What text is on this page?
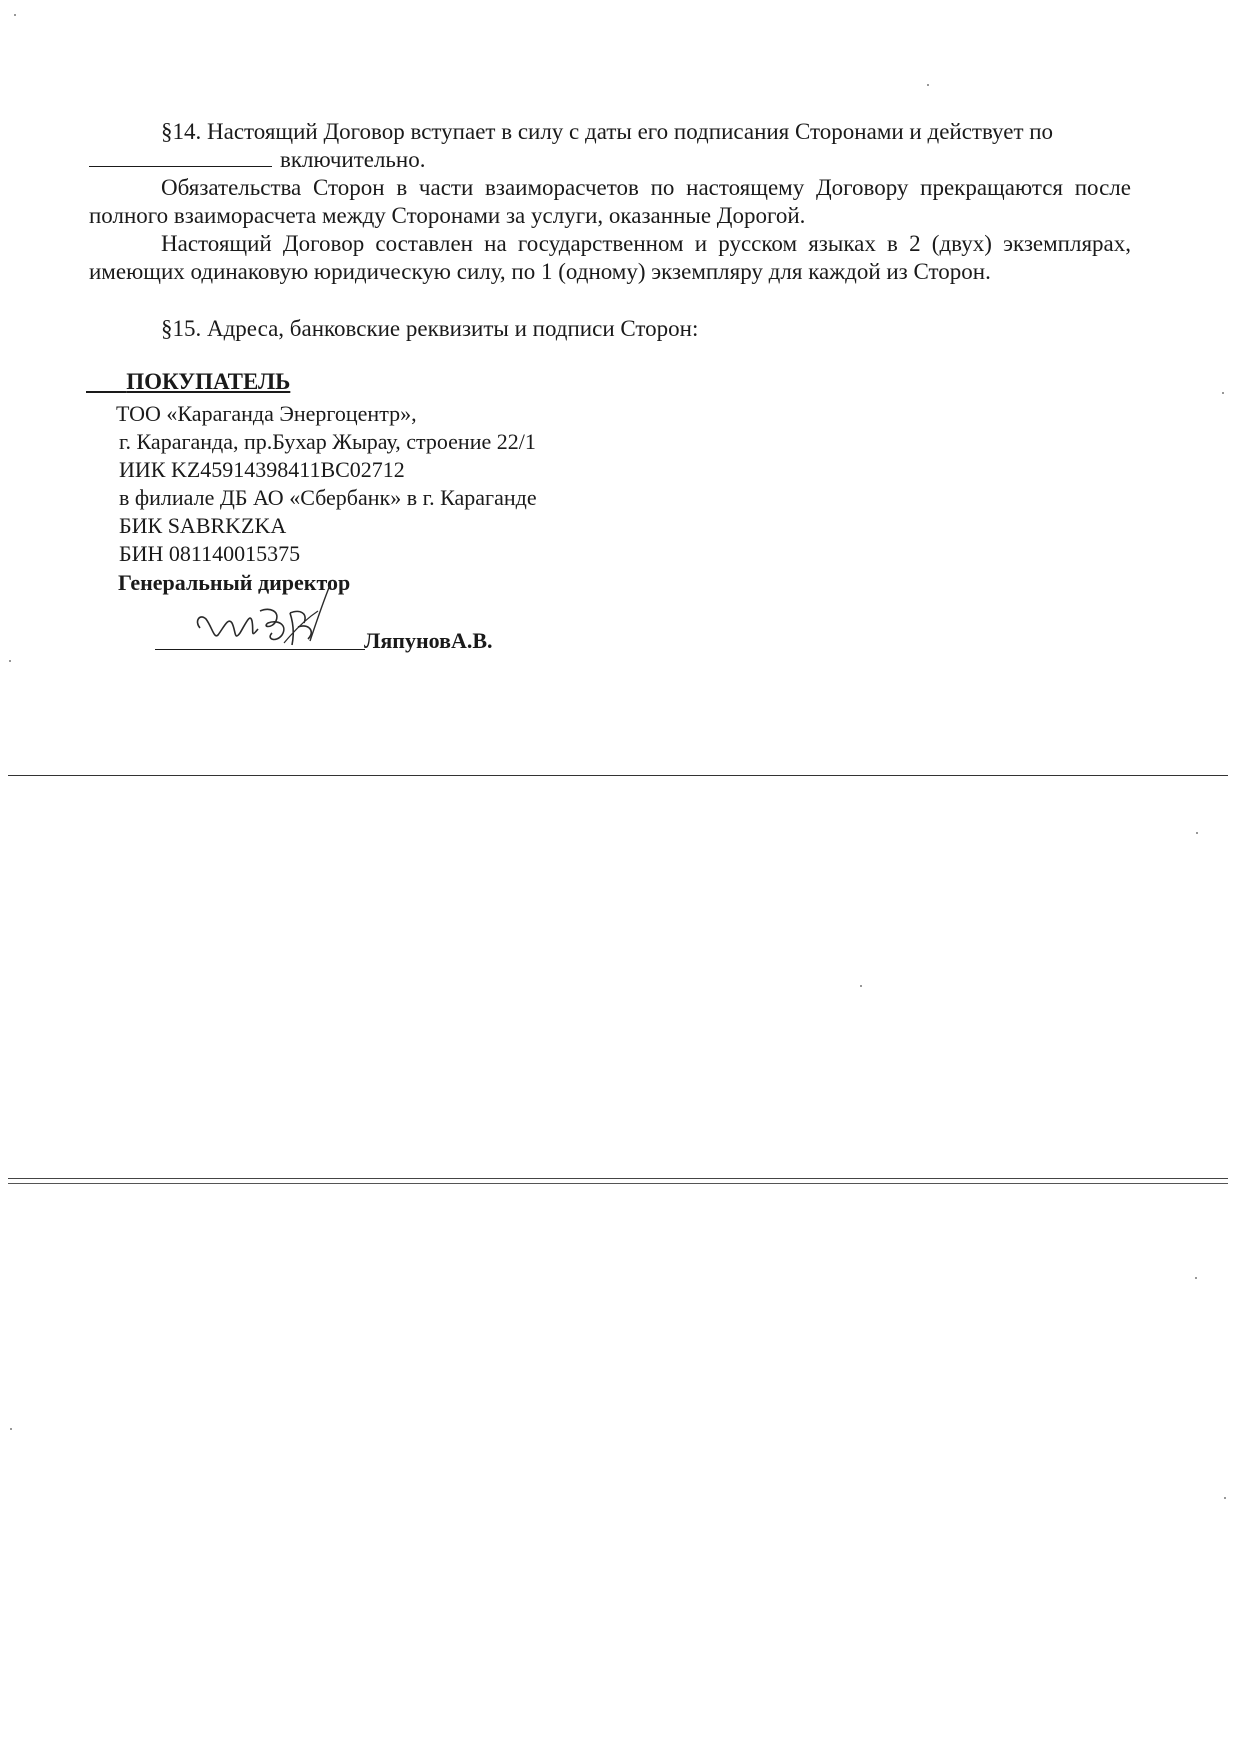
§14. Настоящий Договор вступает в силу с даты его подписания Сторонами и действует по

включительно.

Обязательства Сторон в части взаиморасчетов по настоящему Договору прекращаются после полного взаиморасчета между Сторонами за услуги, оказанные Дорогой.

Настоящий Договор составлен на государственном и русском языках в 2 (двух) экземплярах, имеющих одинаковую юридическую силу, по 1 (одному) экземпляру для каждой из Сторон.

§15. Адреса, банковские реквизиты и подписи Сторон:

ПОКУПАТЕЛЬ
ТОО «Караганда Энергоцентр»,
г. Караганда, пр.Бухар Жырау, строение 22/1
ИИК KZ45914398411BC02712
в филиале ДБ АО «Сбербанк» в г. Караганде
БИК SABRKZKA
БИН 081140015375
Генеральный директор
ЛяпуновА.В.
